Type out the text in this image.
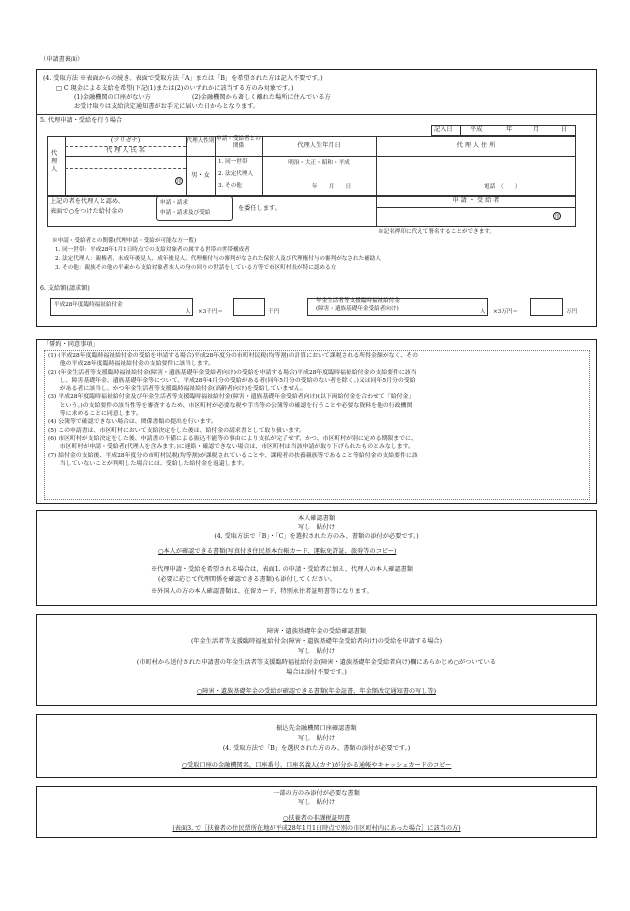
（申請書裏面）
(4. 受取方法 ※表面からの続き。表面で受取方法「A」または「B」を希望された方は記入不要です。)
□ C 現金による支給を希望(下記(1)または(2)のいずれかに該当する方のみ対象です。)
(1)金融機関の口座がない方	(2)金融機関から著しく離れた場所に住んでいる方
お受け取りは支給決定通知書がお手元に届いた日からとなります。
5. 代理申請・受給を行う場合
記入日	平成	年	月	日
(フリガナ)
代 理 人 氏 名
代理人性別 申請・受給者との関係	代理人生年月日	代 理 人 住 所
代理人
印
男・女
1. 同一世帯
2. 法定代理人
3. その他
明治・大正・昭和・平成
年　　月　　日	電話　（　　）
上記の者を代理人と認め、
表面で○をつけた給付金の
申請・請求
申請・請求及び受給
を委任します。
申 請 ・ 受 給 者
印
※記名押印に代えて署名することができます。
※申請・受給者との関係(代理申請・受給が可能な方一覧)
1. 同一世帯：平成28年1月1日時点での支給対象者の属する世帯の世帯構成者
2. 法定代理人：親権者、未成年後見人、成年後見人、代理権付与の審判がなされた保佐人及び代理権付与の審判がなされた補助人
3. その他：親族その他の平素から支給対象者本人の身の回りの世話をしている方等で市区町村長が特に認める方
6. 支給額(請求額)
平成28年度臨時福祉給付金
人 ×3千円＝	千円
年金生活者等支援臨時福祉給付金
(障害・遺族基礎年金受給者向け)	人 ×3万円＝	万円
「誓約・同意事項」
(1) (平成28年度臨時福祉給付金の受給を申請する場合)平成28年度分の市町村民税(均等割)の計算において課税される所得金額がなく、その
　　他の平成28年度臨時福祉給付金の支給要件に該当します。
(2) (年金生活者等支援臨時福祉給付金(障害・遺族基礎年金受給者向け)の受給を申請する場合)平成28年度臨時福祉給付金の支給要件に該当
　　し、障害基礎年金、遺族基礎年金等について、平成28年4月分の受給がある者(同年5月分の受給のない者を除く。)又は同年5月分の受給
　　がある者に該当し、かつ年金生活者等支援臨時福祉給付金(高齢者向け)を受給していません。
(3) 平成28年度臨時福祉給付金及び年金生活者等支援臨時福祉給付金(障害・遺族基礎年金受給者向け)(以下両給付金を合わせて「給付金」
　　という。)の支給要件の該当性等を審査するため、市区町村が必要な税や手当等の公簿等の確認を行うことや必要な資料を他の行政機関
　　等に求めることに同意します。
(4) 公簿等で確認できない場合は、関係書類の提出を行います。
(5) この申請書は、市区町村において支給決定をした後は、給付金の請求書として取り扱います。
(6) 市区町村が支給決定をした後、申請書の不備による振込不能等の事由により支払が完了せず、かつ、市区町村が別に定める期限までに、
　　市区町村が申請・受給者(代理人を含みます。)に連絡・確認できない場合は、市区町村は当該申請が取り下げられたものとみなします。
(7) 給付金の支給後、平成28年度分の市町村民税(均等割)が課税されていることや、課税者の扶養親族等であること等給付金の支給要件に該
　　当していないことが判明した場合には、受給した給付金を返還します。
本人確認書類
写し　貼付け
(4. 受取方法で「B」・「C」を選択された方のみ、書類の添付が必要です。)
○本人が確認できる書類(写真付き住民基本台帳カード、運転免許証、旅券等のコピー)
※代理申請・受給を希望される場合は、表面1. の申請・受給者に加え、代理人の本人確認書類
(必要に応じて代理関係を確認できる書類)も添付してください。
※外国人の方の本人確認書類は、在留カード、特別永住者証明書等になります。
障害・遺族基礎年金の受給確認書類
(年金生活者等支援臨時福祉給付金(障害・遺族基礎年金受給者向け)の受給を申請する場合)
写し　貼付け
(市町村から送付された申請書の年金生活者等支援臨時福祉給付金(障害・遺族基礎年金受給者向け)欄にあらかじめ○がついている
場合は添付不要です。)
○障害・遺族基礎年金の受給が確認できる書類(年金証書、年金額改定通知書の写し等)
振込先金融機関口座確認書類
写し　貼付け
(4. 受取方法で「B」を選択された方のみ、書類の添付が必要です。)
○受取口座の金融機関名、口座番号、口座名義人(カナ)が分かる通帳やキャッシュカードのコピー
一部の方のみ添付が必要な書類
写し　貼付け
○扶養者の非課税証明書
(表面3. で［扶養者の住民票所在地が平成28年1月1日時点で別の市区町村内にあった場合］に該当の方)
